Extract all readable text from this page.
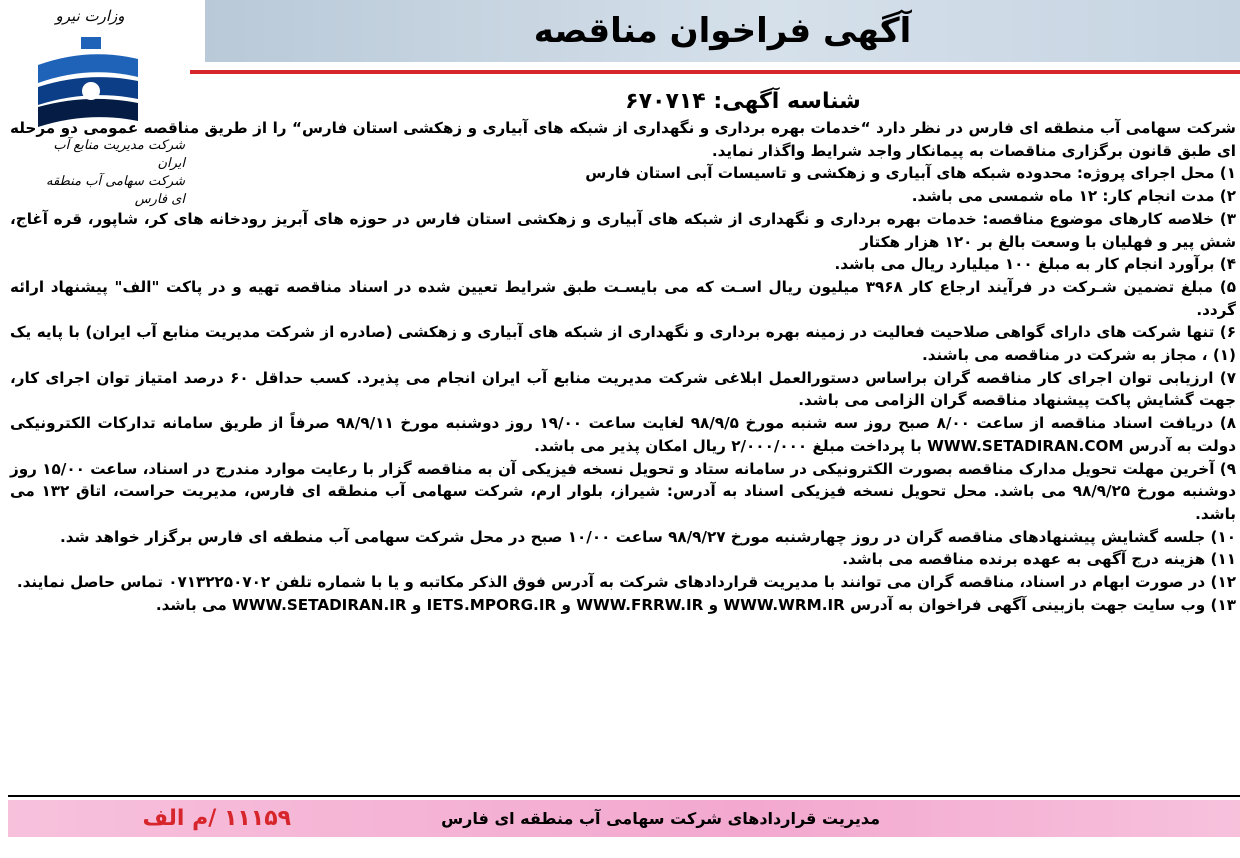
آگهی فراخوان مناقصه
وزارت نیرو
شرکت مدیریت منابع آب ایران
شرکت سهامی آب منطقه ای فارس
شناسه آگهی: ۶۷۰۷۱۴

شرکت سهامی آب منطقه ای فارس در نظر دارد “خدمات بهره برداری و نگهداری از شبکه های آبیاری و زهکشی استان فارس“ را از طریق مناقصه عمومی دو مرحله ای طبق قانون برگزاری مناقصات به پیمانکار واجد شرایط واگذار نماید.

۱) محل اجرای پروژه: محدوده شبکه های آبیاری و زهکشی و تاسیسات آبی استان فارس

۲) مدت انجام کار: ۱۲ ماه شمسی می باشد.

۳) خلاصه کارهای موضوع مناقصه: خدمات بهره برداری و نگهداری از شبکه های آبیاری و زهکشی استان فارس در حوزه های آبریز رودخانه های کر، شاپور، قره آغاج، شش پیر و فهلیان با وسعت بالغ بر ۱۲۰ هزار هکتار

۴) برآورد انجام کار به مبلغ ۱۰۰ میلیارد ریال می باشد.

۵) مبلغ تضمین شـرکت در فرآیند ارجاع کار ۳۹۶۸ میلیون ریال اسـت که می بایسـت طبق شرایط تعیین شده در اسناد مناقصه تهیه و در پاکت "الف" پیشنهاد ارائه گردد.

۶) تنها شرکت های دارای گواهی صلاحیت فعالیت در زمینه بهره برداری و نگهداری از شبکه های آبیاری و زهکشی (صادره از شرکت مدیریت منابع آب ایران) با پایه یک (۱) ، مجاز به شرکت در مناقصه می باشند.

۷) ارزیابی توان اجرای کار مناقصه گران براساس دستورالعمل ابلاغی شرکت مدیریت منابع آب ایران انجام می پذیرد. کسب حداقل ۶۰ درصد امتیاز توان اجرای کار، جهت گشایش پاکت پیشنهاد مناقصه گران الزامی می باشد.

۸) دریافت اسناد مناقصه از ساعت ۸/۰۰ صبح روز سه شنبه مورخ ۹۸/۹/۵ لغایت ساعت ۱۹/۰۰ روز دوشنبه مورخ ۹۸/۹/۱۱ صرفاً از طریق سامانه تدارکات الکترونیکی دولت به آدرس WWW.SETADIRAN.COM با پرداخت مبلغ ۲/۰۰۰/۰۰۰ ریال امکان پذیر می باشد.

۹) آخرین مهلت تحویل مدارک مناقصه بصورت الکترونیکی در سامانه ستاد و تحویل نسخه فیزیکی آن به مناقصه گزار با رعایت موارد مندرج در اسناد، ساعت ۱۵/۰۰ روز دوشنبه مورخ ۹۸/۹/۲۵ می باشد. محل تحویل نسخه فیزیکی اسناد به آدرس: شیراز، بلوار ارم، شرکت سهامی آب منطقه ای فارس، مدیریت حراست، اتاق ۱۳۲ می باشد.

۱۰) جلسه گشایش پیشنهادهای مناقصه گران در روز چهارشنبه مورخ ۹۸/۹/۲۷ ساعت ۱۰/۰۰ صبح در محل شرکت سهامی آب منطقه ای فارس برگزار خواهد شد.

۱۱) هزینه درج آگهی به عهده برنده مناقصه می باشد.

۱۲) در صورت ابهام در اسناد، مناقصه گران می توانند با مدیریت قراردادهای شرکت به آدرس فوق الذکر مکاتبه و یا با شماره تلفن ۰۷۱۳۲۲۵۰۷۰۲ تماس حاصل نمایند.

۱۳) وب سایت جهت بازبینی آگهی فراخوان به آدرس WWW.WRM.IR و WWW.FRRW.IR و IETS.MPORG.IR و WWW.SETADIRAN.IR می باشد.

مدیریت قراردادهای شرکت سهامی آب منطقه ای فارس
۱۱۱۵۹ /م الف
